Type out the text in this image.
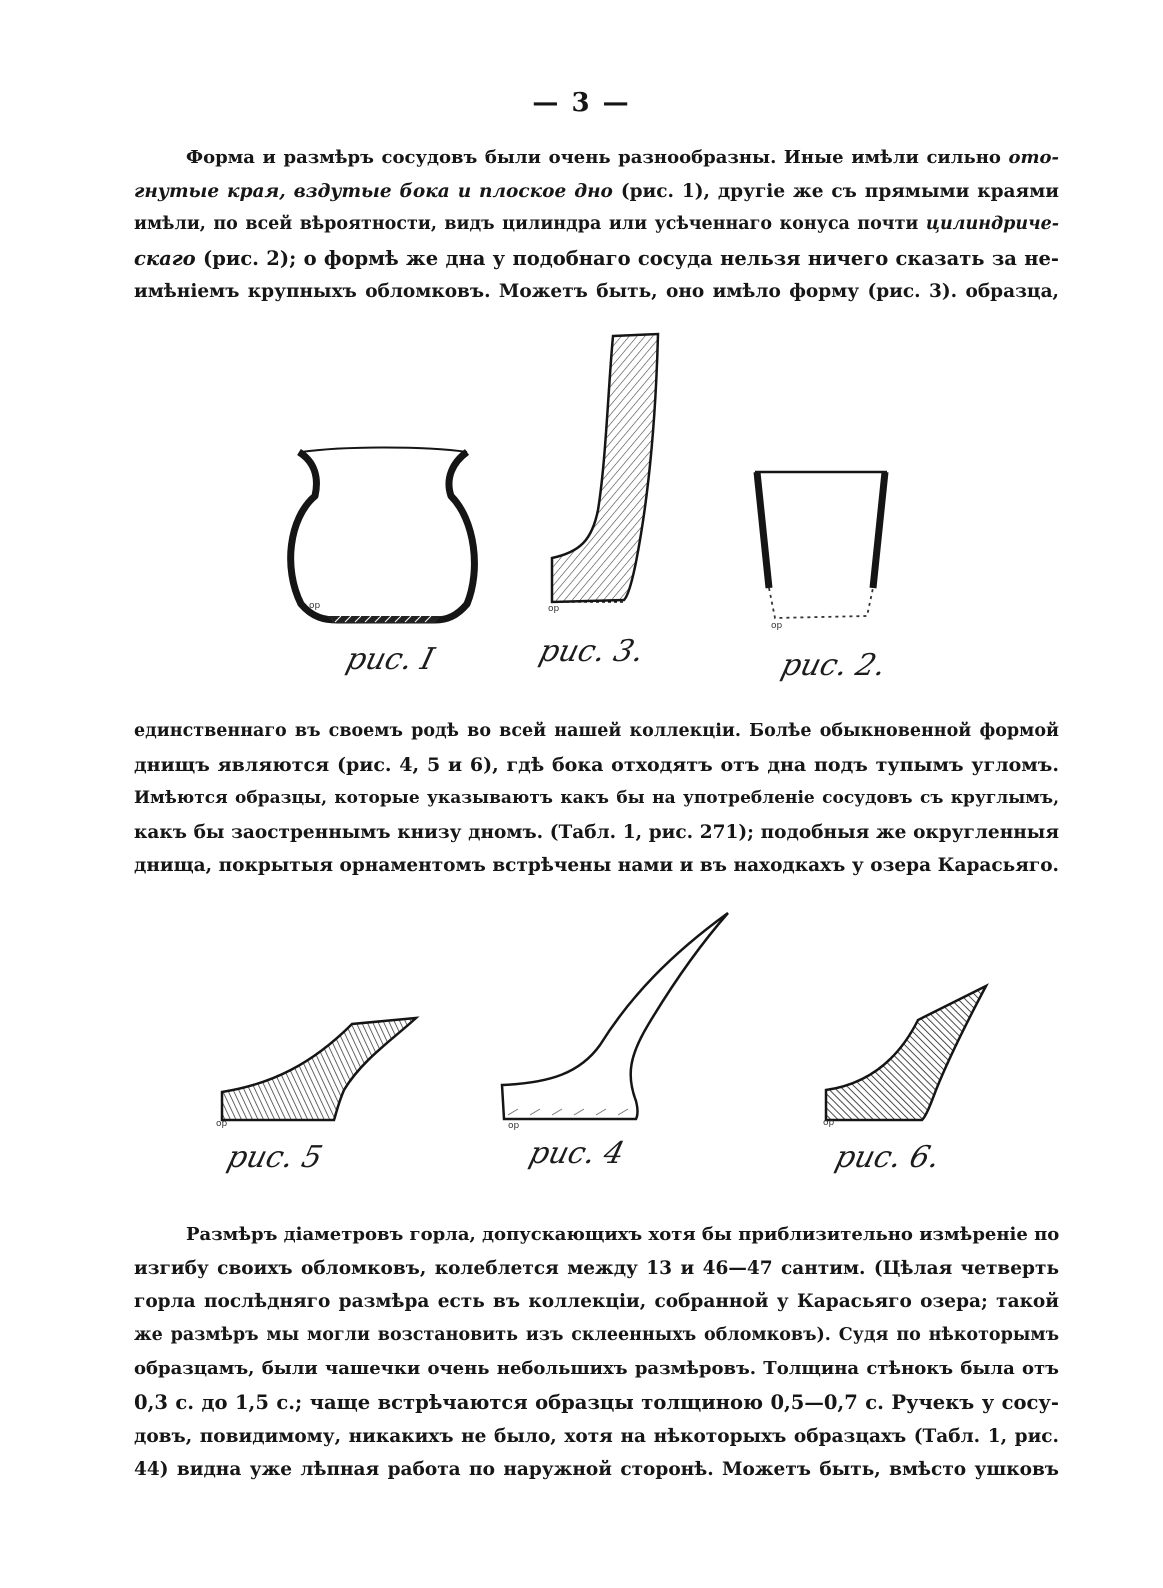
— 3 —
Форма и размѣръ сосудовъ были очень разнообразны. Иные имѣли сильно ото-
гнутые края, вздутые бока и плоское дно (рис. 1), другіе же съ прямыми краями
имѣли, по всей вѣроятности, видъ цилиндра или усѣченнаго конуса почти цилиндриче-
скаго (рис. 2); о формѣ же дна у подобнаго сосуда нельзя ничего сказать за не-
имѣніемъ крупныхъ обломковъ. Можетъ быть, оно имѣло форму (рис. 3). образца,
ор
рис. I
ор
рис. 3.
ор
рис. 2.
единственнаго въ своемъ родѣ во всей нашей коллекціи. Болѣе обыкновенной формой
днищъ являются (рис. 4, 5 и 6), гдѣ бока отходятъ отъ дна подъ тупымъ угломъ.
Имѣются образцы, которые указываютъ какъ бы на употребленіе сосудовъ съ круглымъ,
какъ бы заостреннымъ книзу дномъ. (Табл. 1, рис. 271); подобныя же округленныя
днища, покрытыя орнаментомъ встрѣчены нами и въ находкахъ у озера Карасьяго.
ор
рис. 5
ор
рис. 4
ор
рис. 6.
Размѣръ діаметровъ горла, допускающихъ хотя бы приблизительно измѣреніе по
изгибу своихъ обломковъ, колеблется между 13 и 46—47 сантим. (Цѣлая четверть
горла послѣдняго размѣра есть въ коллекціи, собранной у Карасьяго озера; такой
же размѣръ мы могли возстановить изъ склеенныхъ обломковъ). Судя по нѣкоторымъ
образцамъ, были чашечки очень небольшихъ размѣровъ. Толщина стѣнокъ была отъ
0,3 с. до 1,5 с.; чаще встрѣчаются образцы толщиною 0,5—0,7 с. Ручекъ у сосу-
довъ, повидимому, никакихъ не было, хотя на нѣкоторыхъ образцахъ (Табл. 1, рис.
44) видна уже лѣпная работа по наружной сторонѣ. Можетъ быть, вмѣсто ушковъ
